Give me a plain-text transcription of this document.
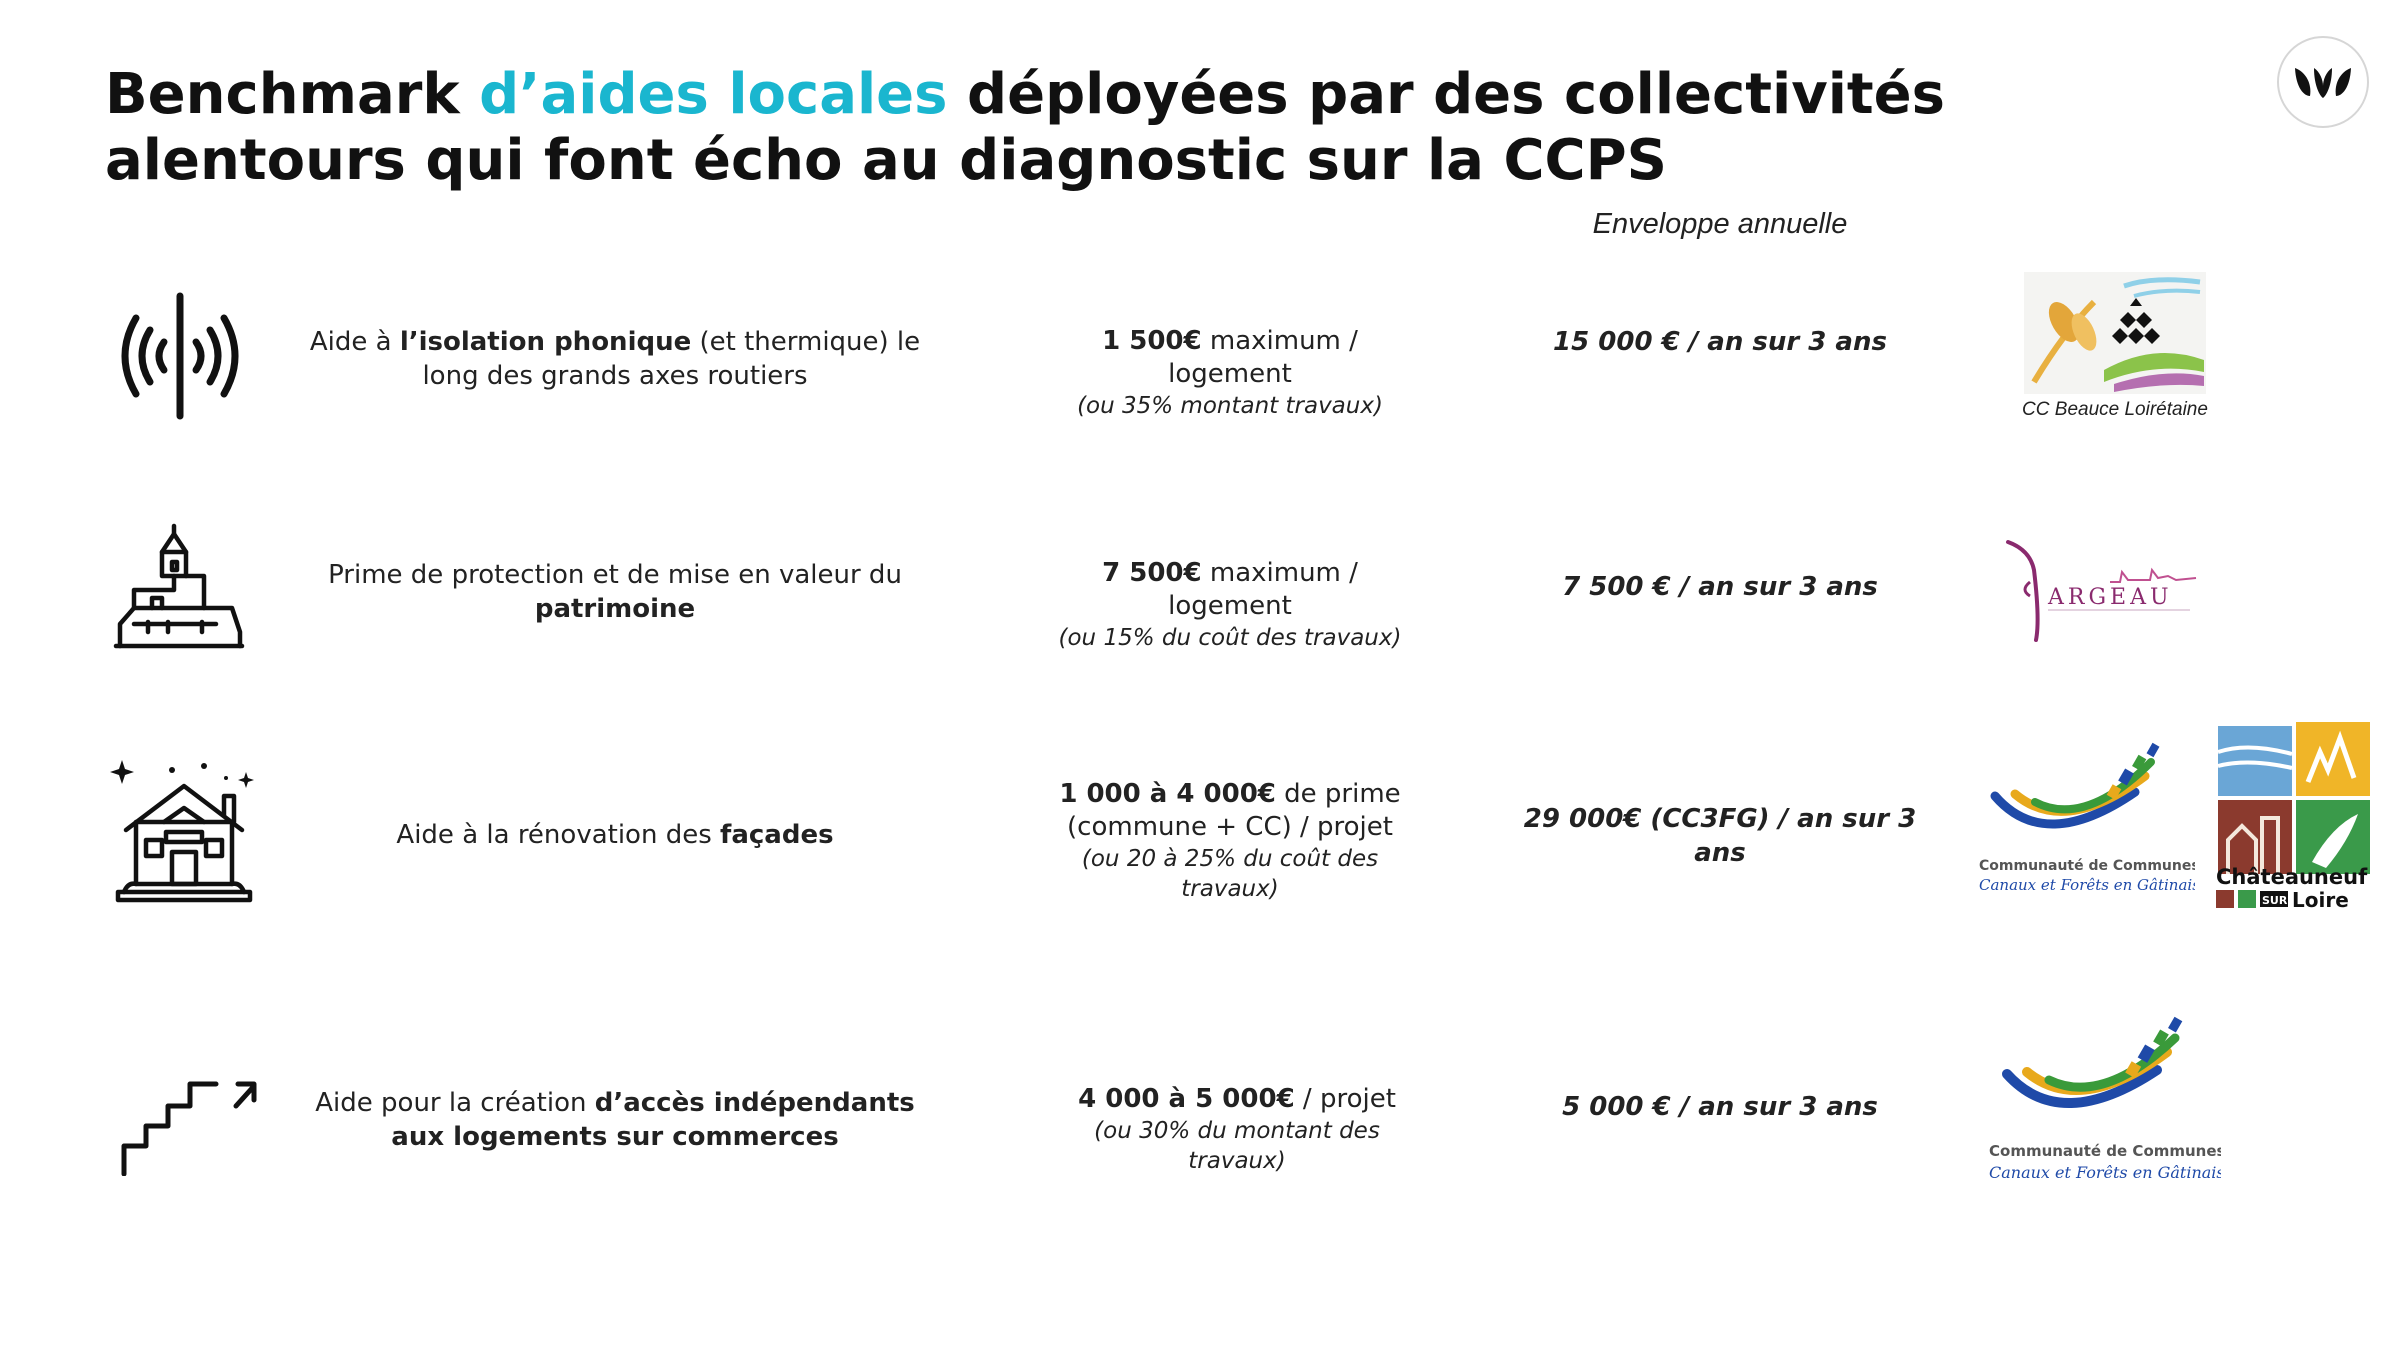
Benchmark d’aides locales déployées par des collectivités alentours qui font écho au diagnostic sur la CCPS
Enveloppe annuelle
Aide à l’isolation phonique (et thermique) le long des grands axes routiers
1 500€ maximum / logement
(ou 35% montant travaux)
15 000 € / an sur 3 ans
CC Beauce Loirétaine
Prime de protection et de mise en valeur du patrimoine
7 500€ maximum / logement
(ou 15% du coût des travaux)
7 500 € / an sur 3 ans	ARGEAU
Aide à la rénovation des façades
1 000 à 4 000€ de prime (commune + CC) / projet
(ou 20 à 25% du coût des travaux)
29 000€ (CC3FG) / an sur 3 ans	Communauté de Communes
Canaux et Forêts en Gâtinais Châteauneuf
SUR Loire
Aide pour la création d’accès indépendants aux logements sur commerces
4 000 à 5 000€ / projet
(ou 30% du montant des travaux)
5 000 € / an sur 3 ans
Communauté de Communes
Canaux et Forêts en Gâtinais
